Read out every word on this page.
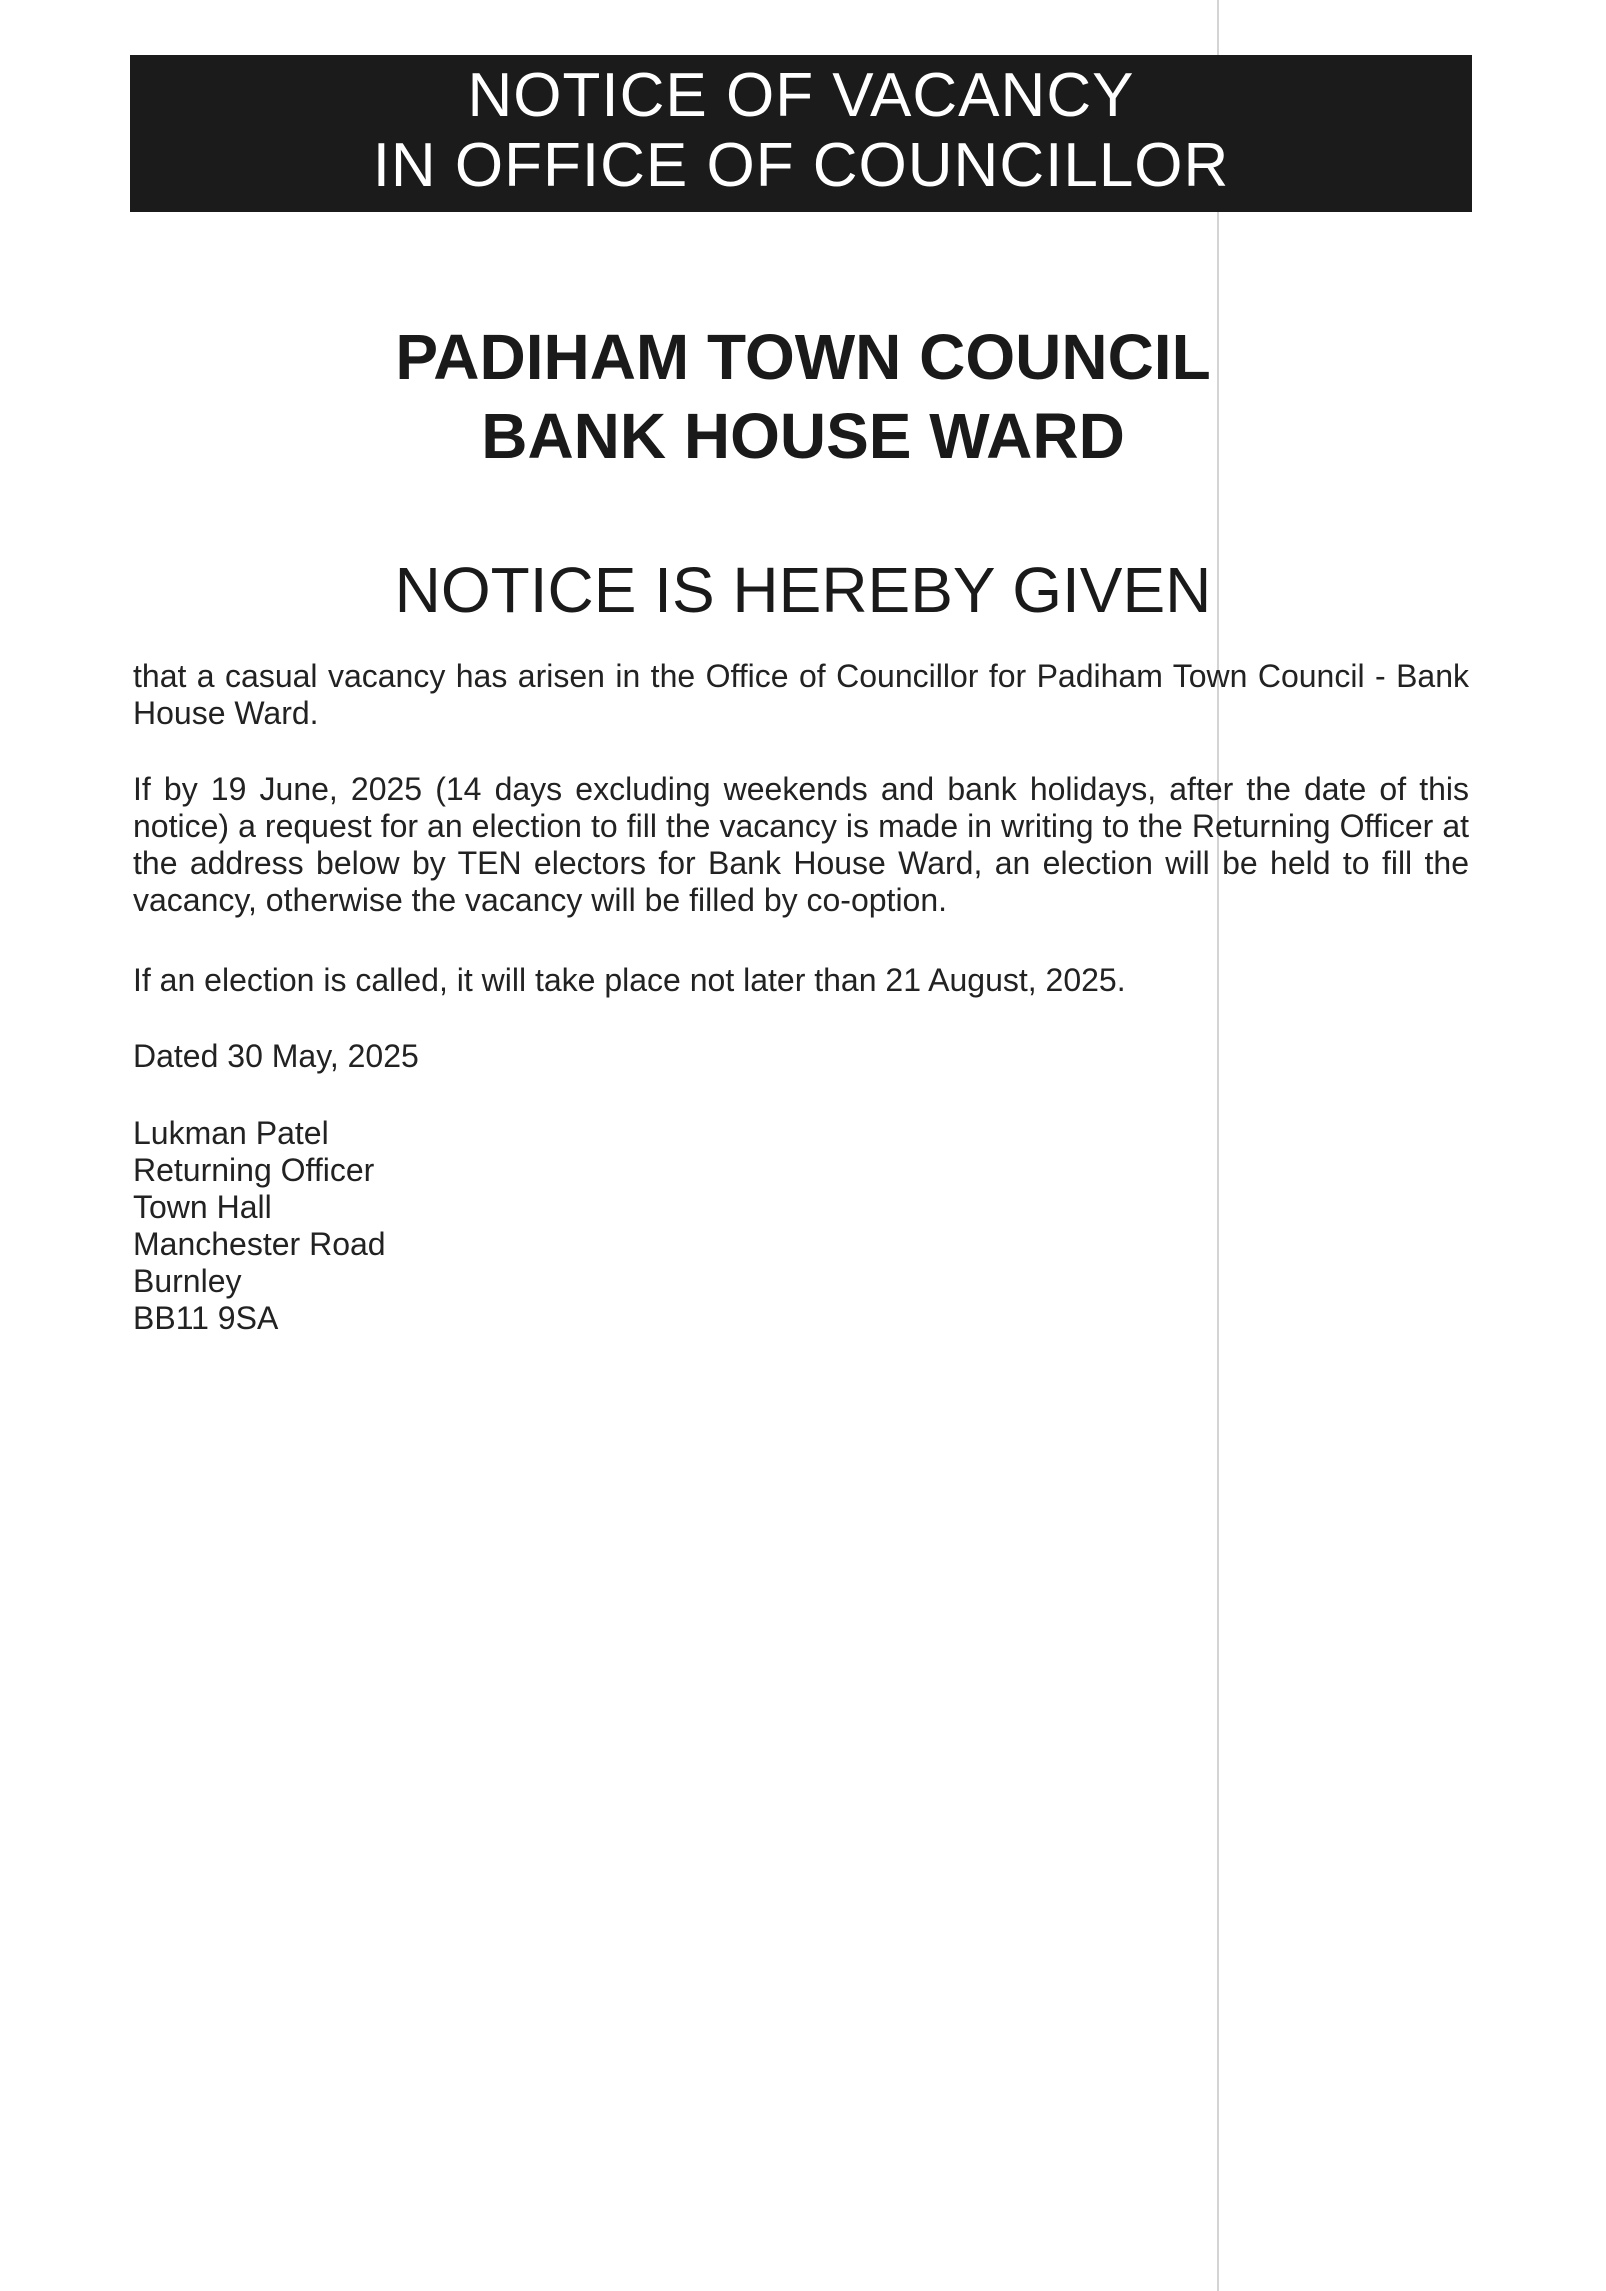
NOTICE OF VACANCY
IN OFFICE OF COUNCILLOR
PADIHAM TOWN COUNCIL
BANK HOUSE WARD
NOTICE IS HEREBY GIVEN
that a casual vacancy has arisen in the Office of Councillor for Padiham Town Council - Bank House Ward.
If by 19 June, 2025 (14 days excluding weekends and bank holidays, after the date of this notice) a request for an election to fill the vacancy is made in writing to the Returning Officer at the address below by TEN electors for Bank House Ward, an election will be held to fill the vacancy, otherwise the vacancy will be filled by co-option.
If an election is called, it will take place not later than 21 August, 2025.
Dated 30 May, 2025
Lukman Patel
Returning Officer
Town Hall
Manchester Road
Burnley
BB11 9SA
